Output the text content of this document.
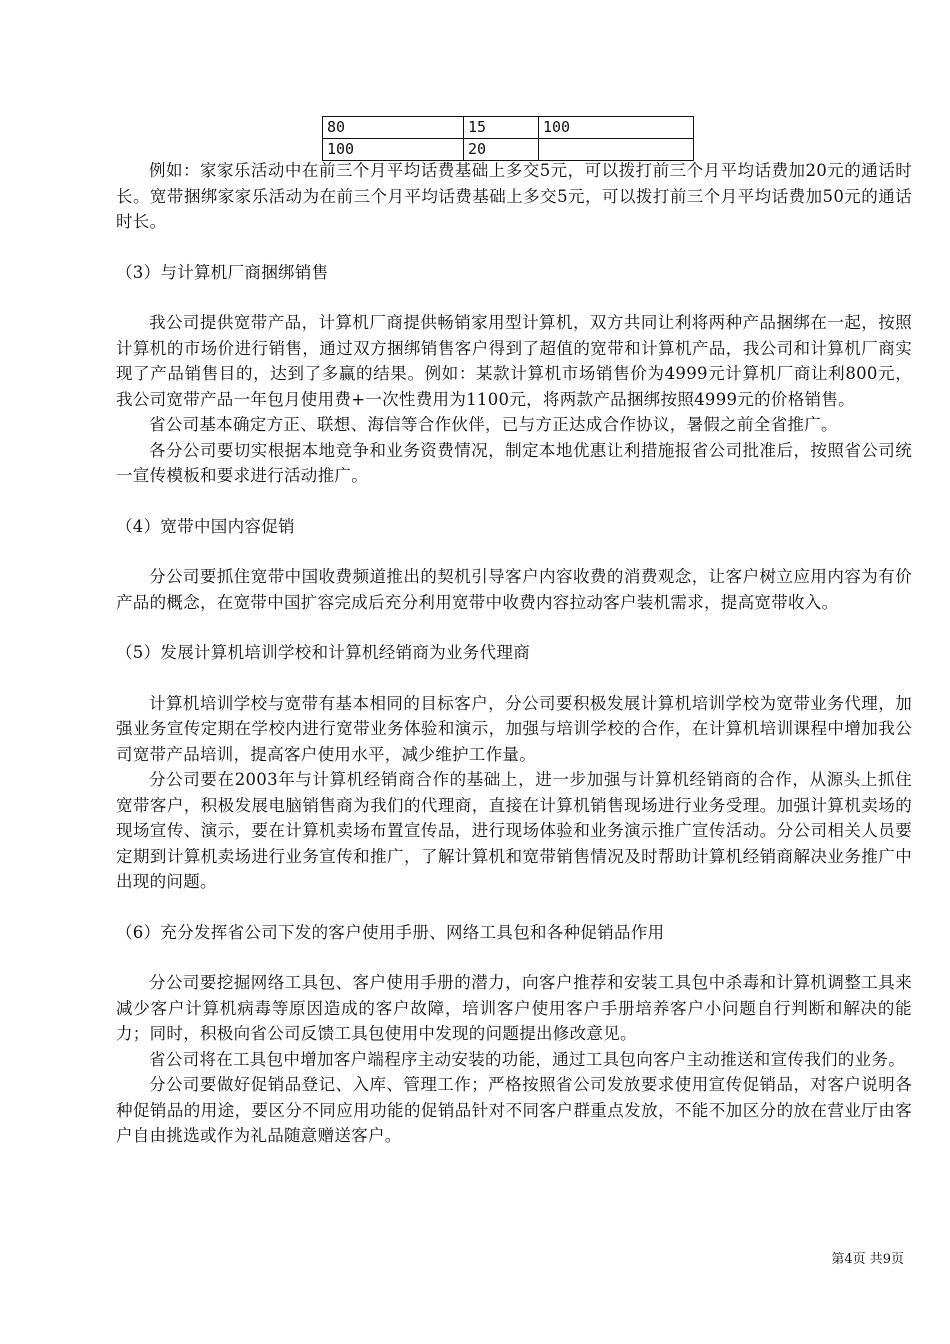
80	15	100
100	20	

例如：家家乐活动中在前三个月平均话费基础上多交5元，可以拨打前三个月平均话费加20元的通话时长。宽带捆绑家家乐活动为在前三个月平均话费基础上多交5元，可以拨打前三个月平均话费加50元的通话时长。

（3）与计算机厂商捆绑销售

我公司提供宽带产品，计算机厂商提供畅销家用型计算机，双方共同让利将两种产品捆绑在一起，按照计算机的市场价进行销售，通过双方捆绑销售客户得到了超值的宽带和计算机产品，我公司和计算机厂商实现了产品销售目的，达到了多赢的结果。例如：某款计算机市场销售价为4999元计算机厂商让利800元，我公司宽带产品一年包月使用费+一次性费用为1100元，将两款产品捆绑按照4999元的价格销售。

省公司基本确定方正、联想、海信等合作伙伴，已与方正达成合作协议，暑假之前全省推广。

各分公司要切实根据本地竞争和业务资费情况，制定本地优惠让利措施报省公司批准后，按照省公司统一宣传模板和要求进行活动推广。

（4）宽带中国内容促销

分公司要抓住宽带中国收费频道推出的契机引导客户内容收费的消费观念，让客户树立应用内容为有价产品的概念，在宽带中国扩容完成后充分利用宽带中收费内容拉动客户装机需求，提高宽带收入。

（5）发展计算机培训学校和计算机经销商为业务代理商

计算机培训学校与宽带有基本相同的目标客户，分公司要积极发展计算机培训学校为宽带业务代理，加强业务宣传定期在学校内进行宽带业务体验和演示，加强与培训学校的合作，在计算机培训课程中增加我公司宽带产品培训，提高客户使用水平，减少维护工作量。

分公司要在2003年与计算机经销商合作的基础上，进一步加强与计算机经销商的合作，从源头上抓住宽带客户，积极发展电脑销售商为我们的代理商，直接在计算机销售现场进行业务受理。加强计算机卖场的现场宣传、演示，要在计算机卖场布置宣传品，进行现场体验和业务演示推广宣传活动。分公司相关人员要定期到计算机卖场进行业务宣传和推广，了解计算机和宽带销售情况及时帮助计算机经销商解决业务推广中出现的问题。

（6）充分发挥省公司下发的客户使用手册、网络工具包和各种促销品作用

分公司要挖掘网络工具包、客户使用手册的潜力，向客户推荐和安装工具包中杀毒和计算机调整工具来减少客户计算机病毒等原因造成的客户故障，培训客户使用客户手册培养客户小问题自行判断和解决的能力；同时，积极向省公司反馈工具包使用中发现的问题提出修改意见。

省公司将在工具包中增加客户端程序主动安装的功能，通过工具包向客户主动推送和宣传我们的业务。

分公司要做好促销品登记、入库、管理工作；严格按照省公司发放要求使用宣传促销品，对客户说明各种促销品的用途，要区分不同应用功能的促销品针对不同客户群重点发放，不能不加区分的放在营业厅由客户自由挑选或作为礼品随意赠送客户。

第4页 共9页
